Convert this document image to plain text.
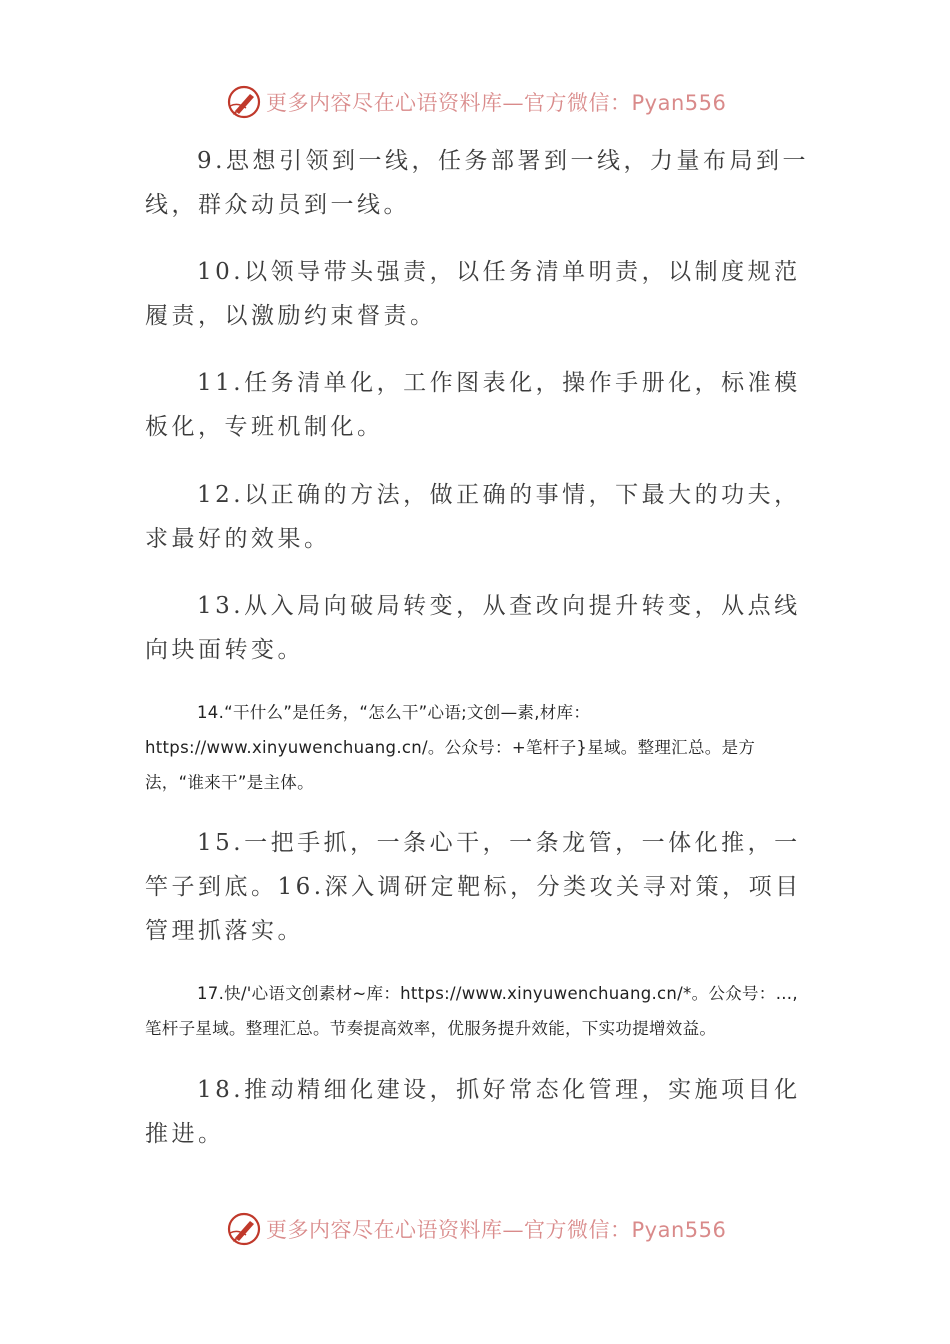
更多内容尽在心语资料库—官方微信：Pyan556

9.思想引领到一线，任务部署到一线，力量布局到一线，群众动员到一线。

10.以领导带头强责，以任务清单明责，以制度规范履责，以激励约束督责。

11.任务清单化，工作图表化，操作手册化，标准模板化，专班机制化。

12.以正确的方法，做正确的事情，下最大的功夫，求最好的效果。

13.从入局向破局转变，从查改向提升转变，从点线向块面转变。

14.“干什么”是任务，“怎么干”心语;文创—素,材库：https://www.xinyuwenchuang.cn/。公众号：+笔杆子}星域。整理汇总。是方法，“谁来干”是主体。

15.一把手抓，一条心干，一条龙管，一体化推，一竿子到底。16.深入调研定靶标，分类攻关寻对策，项目管理抓落实。

17.快/'心语文创素材~库：https://www.xinyuwenchuang.cn/*。公众号：…,笔杆子星域。整理汇总。节奏提高效率，优服务提升效能，下实功提增效益。

18.推动精细化建设，抓好常态化管理，实施项目化推进。

更多内容尽在心语资料库—官方微信：Pyan556
